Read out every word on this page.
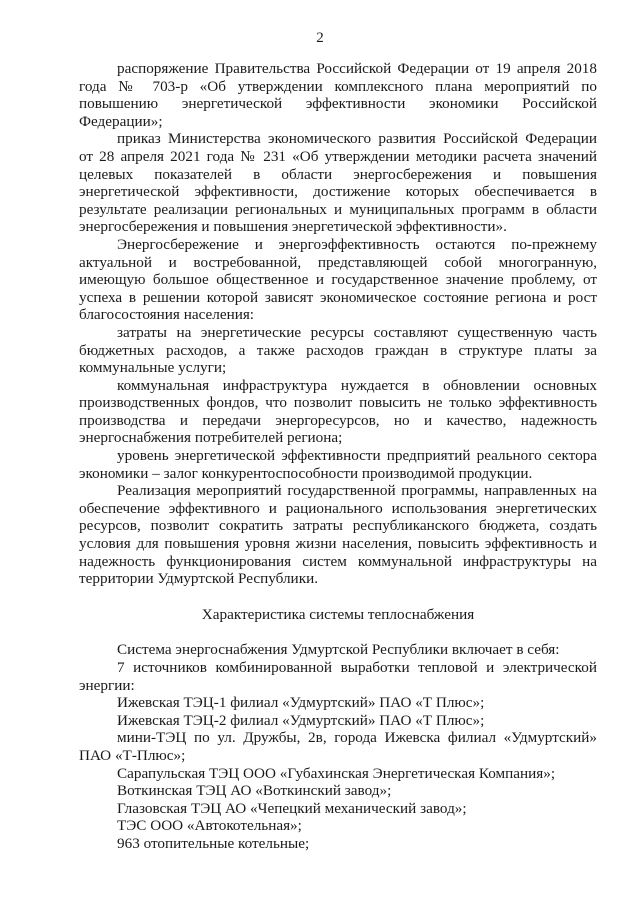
2

распоряжение Правительства Российской Федерации от 19 апреля 2018 года № 703-р «Об утверждении комплексного плана мероприятий по повышению энергетической эффективности экономики Российской Федерации»;

приказ Министерства экономического развития Российской Федерации от 28 апреля 2021 года № 231 «Об утверждении методики расчета значений целевых показателей в области энергосбережения и повышения энергетической эффективности, достижение которых обеспечивается в результате реализации региональных и муниципальных программ в области энергосбережения и повышения энергетической эффективности».

Энергосбережение и энергоэффективность остаются по-прежнему актуальной и востребованной, представляющей собой многогранную, имеющую большое общественное и государственное значение проблему, от успеха в решении которой зависят экономическое состояние региона и рост благосостояния населения:

затраты на энергетические ресурсы составляют существенную часть бюджетных расходов, а также расходов граждан в структуре платы за коммунальные услуги;

коммунальная инфраструктура нуждается в обновлении основных производственных фондов, что позволит повысить не только эффективность производства и передачи энергоресурсов, но и качество, надежность энергоснабжения потребителей региона;

уровень энергетической эффективности предприятий реального сектора экономики – залог конкурентоспособности производимой продукции.

Реализация мероприятий государственной программы, направленных на обеспечение эффективного и рационального использования энергетических ресурсов, позволит сократить затраты республиканского бюджета, создать условия для повышения уровня жизни населения, повысить эффективность и надежность функционирования систем коммунальной инфраструктуры на территории Удмуртской Республики.

Характеристика системы теплоснабжения

Система энергоснабжения Удмуртской Республики включает в себя:

7 источников комбинированной выработки тепловой и электрической энергии:

Ижевская ТЭЦ-1 филиал «Удмуртский» ПАО «Т Плюс»;

Ижевская ТЭЦ-2 филиал «Удмуртский» ПАО «Т Плюс»;

мини-ТЭЦ по ул. Дружбы, 2в, города Ижевска филиал «Удмуртский» ПАО «Т-Плюс»;

Сарапульская ТЭЦ ООО «Губахинская Энергетическая Компания»;

Воткинская ТЭЦ АО «Воткинский завод»;

Глазовская ТЭЦ АО «Чепецкий механический завод»;

ТЭС ООО «Автокотельная»;

963 отопительные котельные;
